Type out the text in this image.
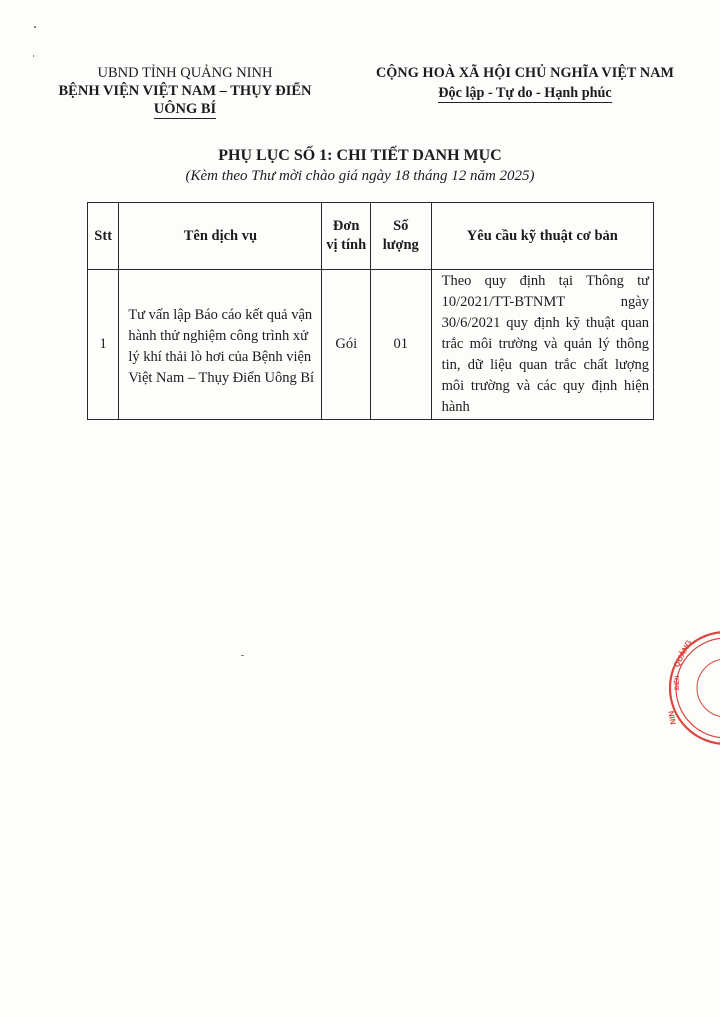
UBND TỈNH QUẢNG NINH
BỆNH VIỆN VIỆT NAM – THỤY ĐIỂN
UÔNG BÍ
CỘNG HOÀ XÃ HỘI CHỦ NGHĨA VIỆT NAM
Độc lập - Tự do - Hạnh phúc
PHỤ LỤC SỐ 1: CHI TIẾT DANH MỤC
(Kèm theo Thư mời chào giá ngày 18 tháng 12 năm 2025)
Stt	Tên dịch vụ	Đơn vị tính	Số lượng	Yêu cầu kỹ thuật cơ bản
1	Tư vấn lập Báo cáo kết quả vận hành thử nghiệm công trình xử lý khí thải lò hơi của Bệnh viện Việt Nam – Thụy Điển Uông Bí	Gói	01	Theo quy định tại Thông tư 10/2021/TT-BTNMT ngày 30/6/2021 quy định kỹ thuật quan trắc môi trường và quản lý thông tin, dữ liệu quan trắc chất lượng môi trường và các quy định hiện hành
QUẢNG
NIN
ĐIỂN
